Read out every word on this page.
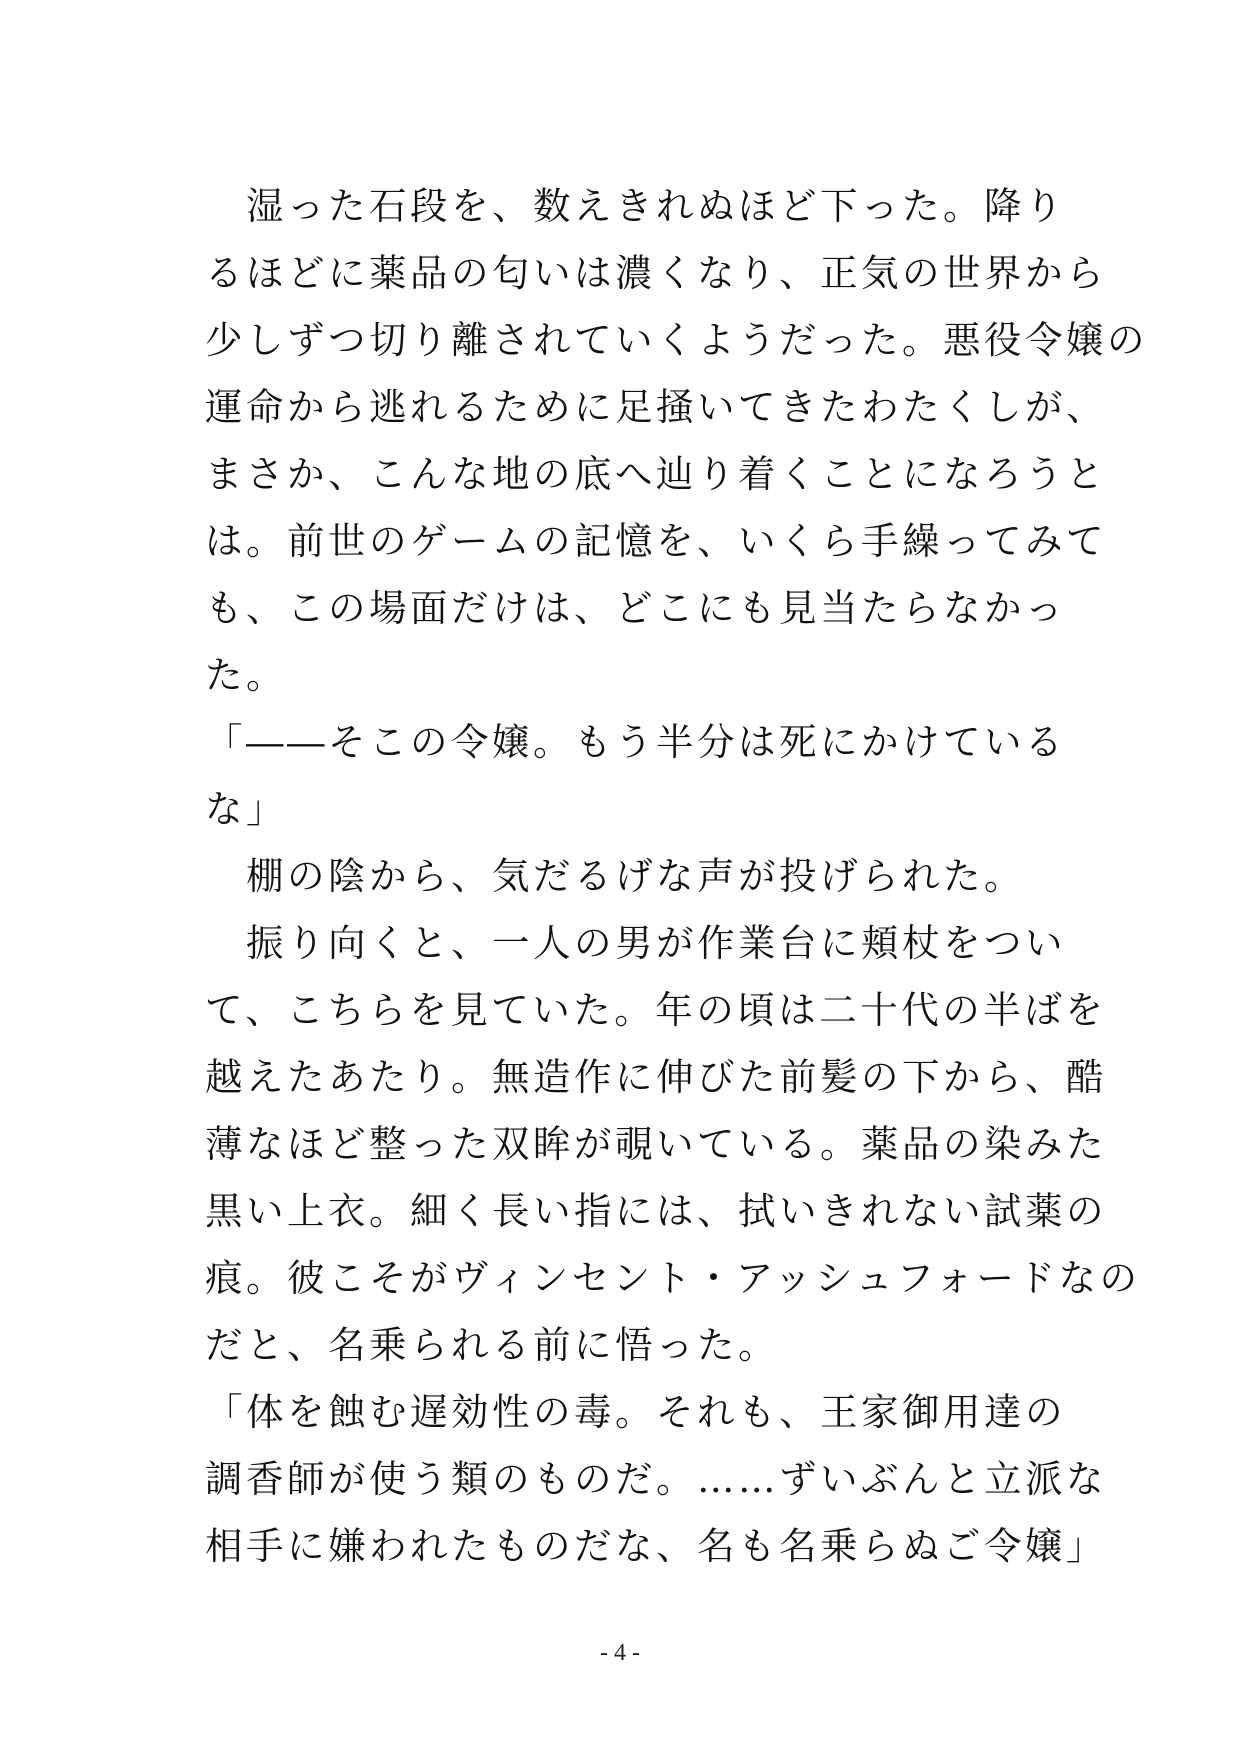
　湿った石段を、数えきれぬほど下った。降り
るほどに薬品の匂いは濃くなり、正気の世界から
少しずつ切り離されていくようだった。悪役令嬢の
運命から逃れるために足掻いてきたわたくしが、
まさか、こんな地の底へ辿り着くことになろうと
は。前世のゲームの記憶を、いくら手繰ってみて
も、この場面だけは、どこにも見当たらなかっ
た。
「――そこの令嬢。もう半分は死にかけている
な」
　棚の陰から、気だるげな声が投げられた。
　振り向くと、一人の男が作業台に頬杖をつい
て、こちらを見ていた。年の頃は二十代の半ばを
越えたあたり。無造作に伸びた前髪の下から、酷
薄なほど整った双眸が覗いている。薬品の染みた
黒い上衣。細く長い指には、拭いきれない試薬の
痕。彼こそがヴィンセント・アッシュフォードなの
だと、名乗られる前に悟った。
「体を蝕む遅効性の毒。それも、王家御用達の
調香師が使う類のものだ。……ずいぶんと立派な
相手に嫌われたものだな、名も名乗らぬご令嬢」
- 4 -
